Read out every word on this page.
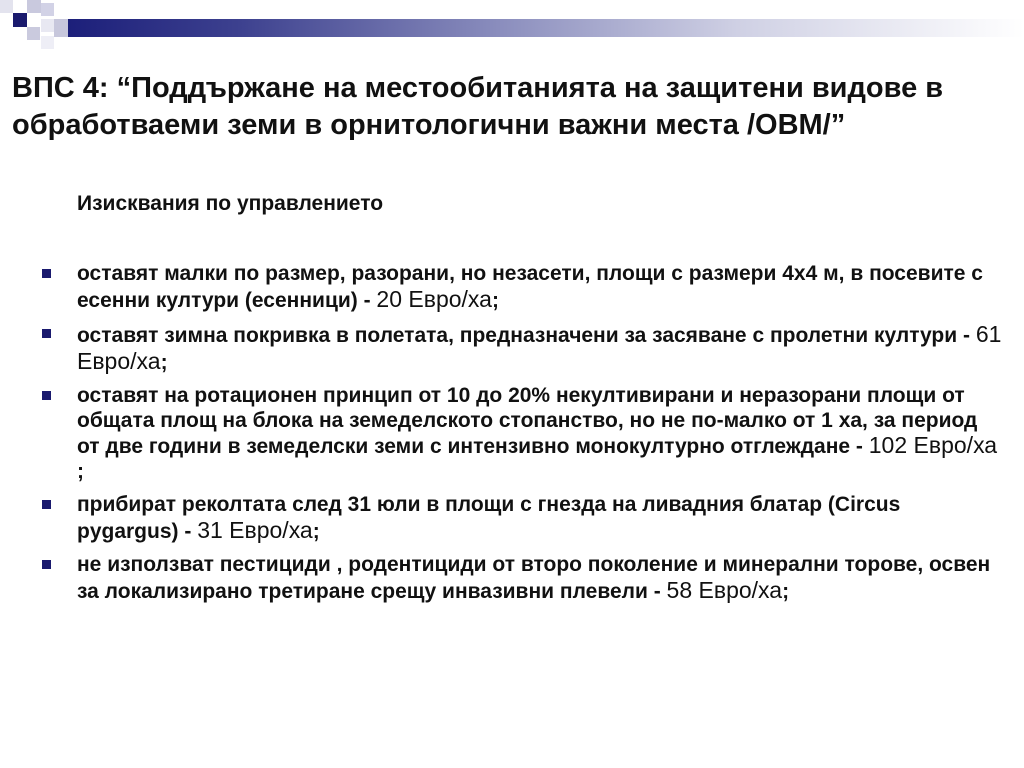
ВПС 4: “Поддържане на местообитанията на защитени видове в обработваеми земи в орнитологични важни места /ОВМ/”
Изисквания по управлението
оставят малки по размер, разорани, но незасети, площи с размери 4х4 м, в посевите с есенни култури (есенници) - 20 Евро/ха;
оставят зимна покривка в полетата, предназначени за засяване с пролетни култури - 61 Евро/ха;
оставят на ротационен принцип от 10 до 20% некултивирани и неразорани площи от общата площ на блока на земеделското стопанство, но не по-малко от 1 ха, за период от две години в земеделски земи с интензивно монокултурно отглеждане - 102 Евро/ха ;
прибират реколтата след 31 юли в площи с гнезда на ливадния блатар (Circus pygargus) - 31 Евро/ха;
не използват пестициди , родентициди от второ поколение и минерални торове, освен за локализирано третиране срещу инвазивни плевели - 58 Евро/ха;
